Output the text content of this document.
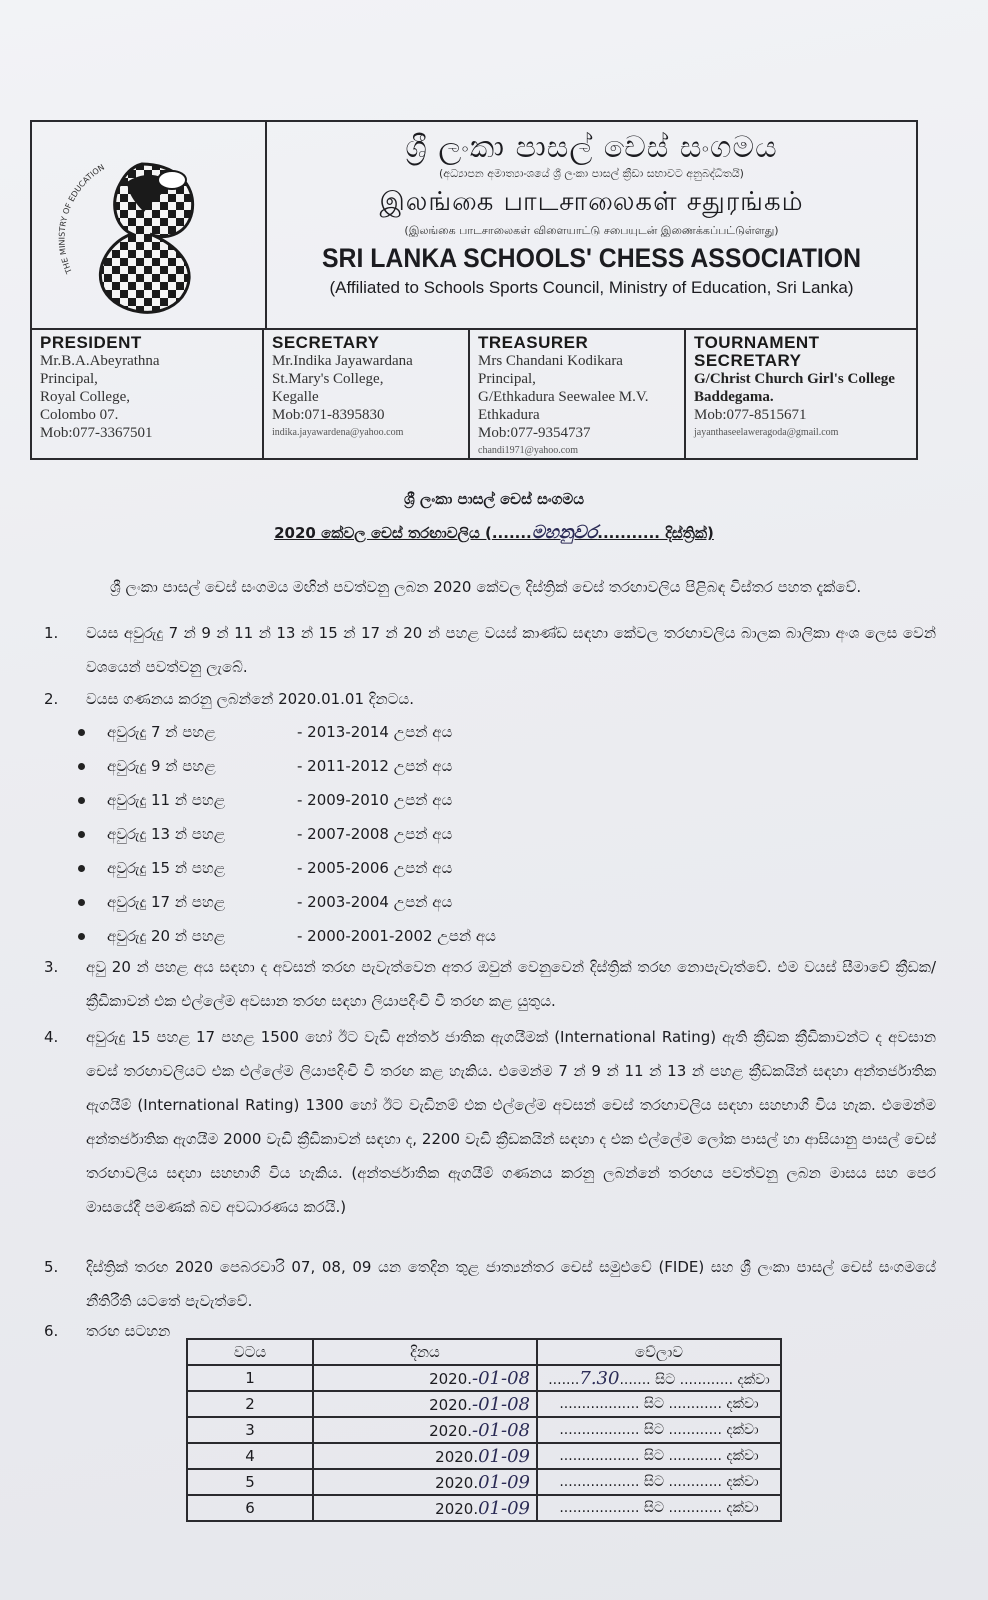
THE MINISTRY OF EDUCATION
ශ්‍රී ලංකා පාසල් චෙස් සංගමය
(අධ්‍යාපන අමාත්‍යාංශයේ ශ්‍රී ලංකා පාසල් ක්‍රීඩා සභාවට අනුබද්ධිතයි)
இலங்கை பாடசாலைகள் சதுரங்கம்
(இலங்கை பாடசாலைகள் விளையாட்டு சபையுடன் இணைக்கப்பட்டுள்ளது)
SRI LANKA SCHOOLS' CHESS ASSOCIATION
(Affiliated to Schools Sports Council, Ministry of Education, Sri Lanka)
PRESIDENT
Mr.B.A.Abeyrathna
Principal,
Royal College,
Colombo 07.
Mob:077-3367501
SECRETARY
Mr.Indika Jayawardana
St.Mary's College,
Kegalle
Mob:071-8395830
indika.jayawardena@yahoo.com
TREASURER
Mrs Chandani Kodikara
Principal,
G/Ethkadura Seewalee M.V.
Ethkadura
Mob:077-9354737
chandi1971@yahoo.com
TOURNAMENT SECRETARY
G/Christ Church Girl's College
Baddegama.
Mob:077-8515671
jayanthaseelaweragoda@gmail.com
ශ්‍රී ලංකා පාසල් චෙස් සංගමය
2020 කේවල චෙස් තරඟාවලිය (.......මහනුවර........... දිස්ත්‍රික්)
ශ්‍රී ලංකා පාසල් චෙස් සංගමය මඟින් පවත්වනු ලබන 2020 කේවල දිස්ත්‍රික් චෙස් තරඟාවලිය පිළිබඳ විස්තර පහත දැක්වේ.
1. වයස අවුරුදු 7 න් 9 න් 11 න් 13 න් 15 න් 17 න් 20 න් පහළ වයස් කාණ්ඩ සඳහා කේවල තරඟාවලිය බාලක බාලිකා අංශ ලෙස වෙන් වශයෙන් පවත්වනු ලැබේ.
2. වයස ගණනය කරනු ලබන්නේ 2020.01.01 දිනටය.
අවුරුදු 7 න් පහළ	- 2013-2014 උපන් අය
අවුරුදු 9 න් පහළ	- 2011-2012 උපන් අය
අවුරුදු 11 න් පහළ	- 2009-2010 උපන් අය
අවුරුදු 13 න් පහළ	- 2007-2008 උපන් අය
අවුරුදු 15 න් පහළ	- 2005-2006 උපන් අය
අවුරුදු 17 න් පහළ	- 2003-2004 උපන් අය
අවුරුදු 20 න් පහළ	- 2000-2001-2002 උපන් අය
3. අවු 20 න් පහළ අය සඳහා ද අවසන් තරඟ පැවැත්වෙන අතර ඔවුන් වෙනුවෙන් දිස්ත්‍රික් තරඟ නොපැවැත්වේ. එම වයස් සීමාවේ ක්‍රීඩක/ ක්‍රීඩිකාවන් එක එල්ලේම අවසාන තරඟ සඳහා ලියාපදිංචි වී තරඟ කළ යුතුය.
4. අවුරුදු 15 පහළ 17 පහළ 1500 හෝ ඊට වැඩි අන්තර් ජාතික ඇගයීමක් (International Rating) ඇති ක්‍රීඩක ක්‍රීඩිකාවන්ට ද අවසාන චෙස් තරඟාවලියට එක එල්ලේම ලියාපදිංචි වී තරඟ කළ හැකිය. එමෙන්ම 7 න් 9 න් 11 න් 13 න් පහළ ක්‍රීඩකයින් සඳහා අන්තර්ජාතික ඇගයීම් (International Rating) 1300 හෝ ඊට වැඩිනම් එක එල්ලේම අවසන් චෙස් තරඟාවලිය සඳහා සහභාගි විය හැක. එමෙන්ම අන්තර්ජාතික ඇගයීම 2000 වැඩි ක්‍රීඩිකාවන් සඳහා ද, 2200 වැඩි ක්‍රීඩකයින් සඳහා ද එක එල්ලේම ලෝක පාසල් හා ආසියානු පාසල් චෙස් තරඟාවලිය සඳහා සහභාගි විය හැකිය. (අන්තර්ජාතික ඇගයීම් ගණනය කරනු ලබන්නේ තරඟය පවත්වනු ලබන මාසය සහ පෙර මාසයේදී පමණක් බව අවධාරණය කරයි.)
5. දිස්ත්‍රික් තරඟ 2020 පෙබරවාරි 07, 08, 09 යන තෙදින තුළ ජාත්‍යන්තර චෙස් සමුළුවේ (FIDE) සහ ශ්‍රී ලංකා පාසල් චෙස් සංගමයේ නීතිරීති යටතේ පැවැත්වේ.
6. තරඟ සටහන
වටය	දිනය	වේලාව
1	2020.-01-08	.......7.30....... සිට ............ දක්වා
2	2020.-01-08	.................. සිට ............ දක්වා
3	2020.-01-08	.................. සිට ............ දක්වා
4	2020.01-09	.................. සිට ............ දක්වා
5	2020.01-09	.................. සිට ............ දක්වා
6	2020.01-09	.................. සිට ............ දක්වා
